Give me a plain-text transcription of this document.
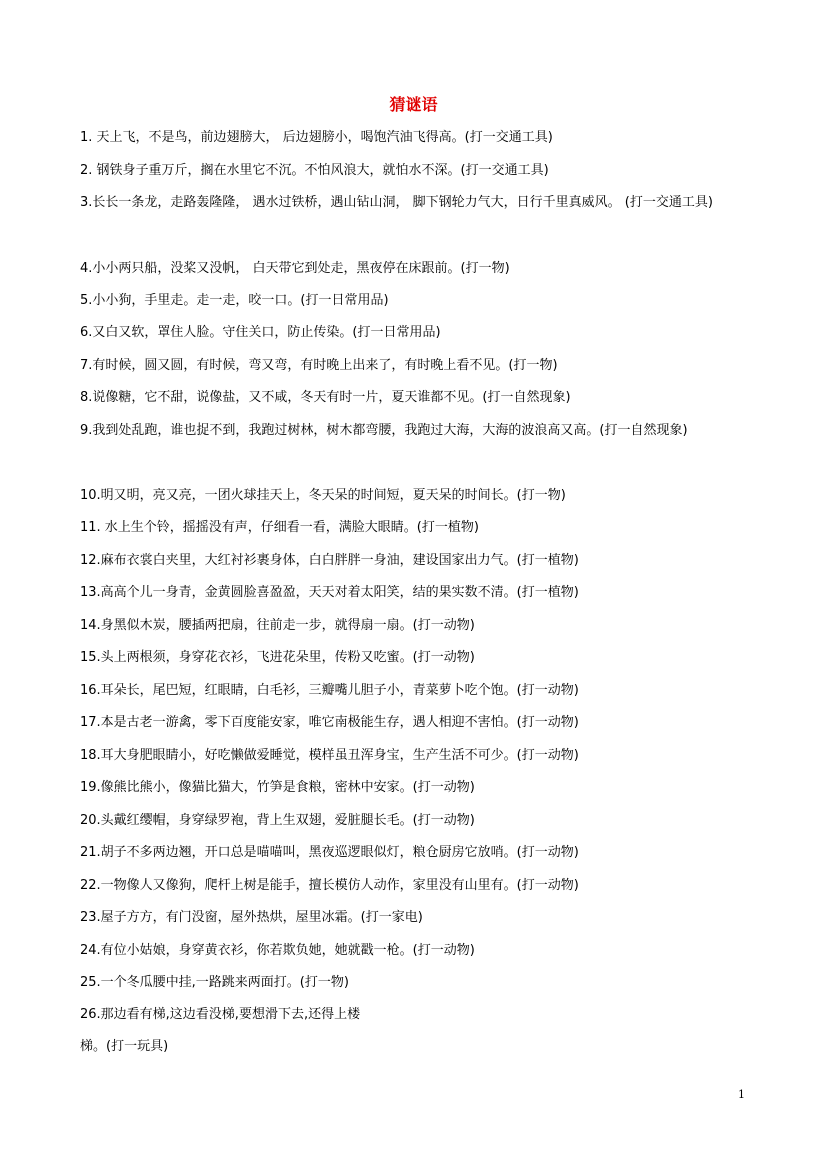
猜谜语
1. 天上飞，不是鸟，前边翅膀大， 后边翅膀小，喝饱汽油飞得高。(打一交通工具)
2. 钢铁身子重万斤，搁在水里它不沉。不怕风浪大，就怕水不深。(打一交通工具)
3.长长一条龙，走路轰隆隆， 遇水过铁桥，遇山钻山洞， 脚下钢轮力气大，日行千里真威风。 (打一交通工具)
4.小小两只船，没桨又没帆， 白天带它到处走，黑夜停在床跟前。(打一物)
5.小小狗，手里走。走一走，咬一口。(打一日常用品)
6.又白又软，罩住人脸。守住关口，防止传染。(打一日常用品)
7.有时候，圆又圆，有时候，弯又弯，有时晚上出来了，有时晚上看不见。(打一物)
8.说像糖，它不甜，说像盐，又不咸，冬天有时一片，夏天谁都不见。(打一自然现象)
9.我到处乱跑，谁也捉不到，我跑过树林，树木都弯腰，我跑过大海，大海的波浪高又高。(打一自然现象)
10.明又明，亮又亮，一团火球挂天上，冬天呆的时间短，夏天呆的时间长。(打一物)
11. 水上生个铃，摇摇没有声，仔细看一看，满脸大眼睛。(打一植物)
12.麻布衣裳白夹里，大红衬衫裹身体，白白胖胖一身油，建设国家出力气。(打一植物)
13.高高个儿一身青，金黄圆脸喜盈盈，天天对着太阳笑，结的果实数不清。(打一植物)
14.身黑似木炭，腰插两把扇，往前走一步，就得扇一扇。(打一动物)
15.头上两根须，身穿花衣衫，飞进花朵里，传粉又吃蜜。(打一动物)
16.耳朵长，尾巴短，红眼睛，白毛衫，三瓣嘴儿胆子小，青菜萝卜吃个饱。(打一动物)
17.本是古老一游禽，零下百度能安家，唯它南极能生存，遇人相迎不害怕。(打一动物)
18.耳大身肥眼睛小，好吃懒做爱睡觉，模样虽丑浑身宝，生产生活不可少。(打一动物)
19.像熊比熊小，像猫比猫大，竹笋是食粮，密林中安家。(打一动物)
20.头戴红缨帽，身穿绿罗袍，背上生双翅，爱脏腿长毛。(打一动物)
21.胡子不多两边翘，开口总是喵喵叫，黑夜巡逻眼似灯，粮仓厨房它放哨。(打一动物)
22.一物像人又像狗，爬杆上树是能手，擅长模仿人动作，家里没有山里有。(打一动物)
23.屋子方方，有门没窗，屋外热烘，屋里冰霜。(打一家电)
24.有位小姑娘，身穿黄衣衫，你若欺负她，她就戳一枪。(打一动物)
25.一个冬瓜腰中挂,一路跳来两面打。(打一物)
26.那边看有梯,这边看没梯,要想滑下去,还得上楼梯。(打一玩具)
1
